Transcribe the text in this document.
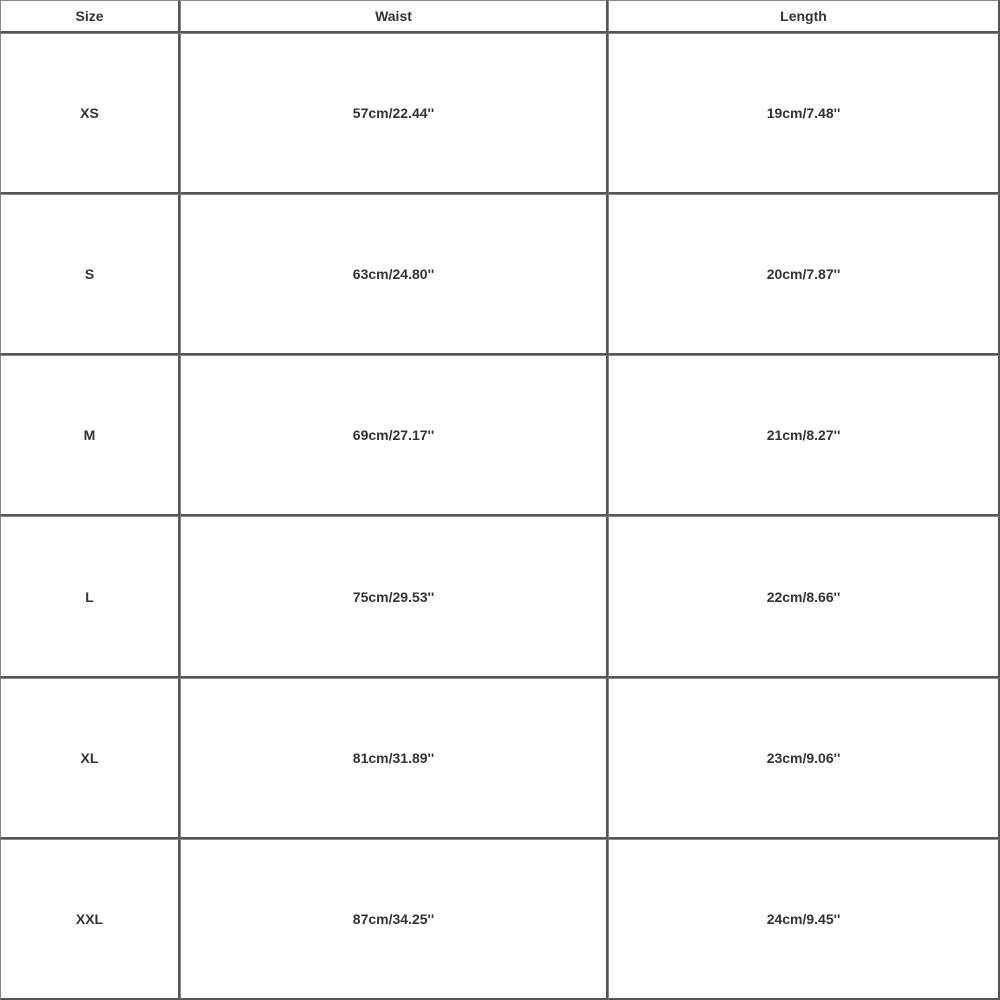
Size	Waist	Length
XS	57cm/22.44''	19cm/7.48''
S	63cm/24.80''	20cm/7.87''
M	69cm/27.17''	21cm/8.27''
L	75cm/29.53''	22cm/8.66''
XL	81cm/31.89''	23cm/9.06''
XXL	87cm/34.25''	24cm/9.45''
